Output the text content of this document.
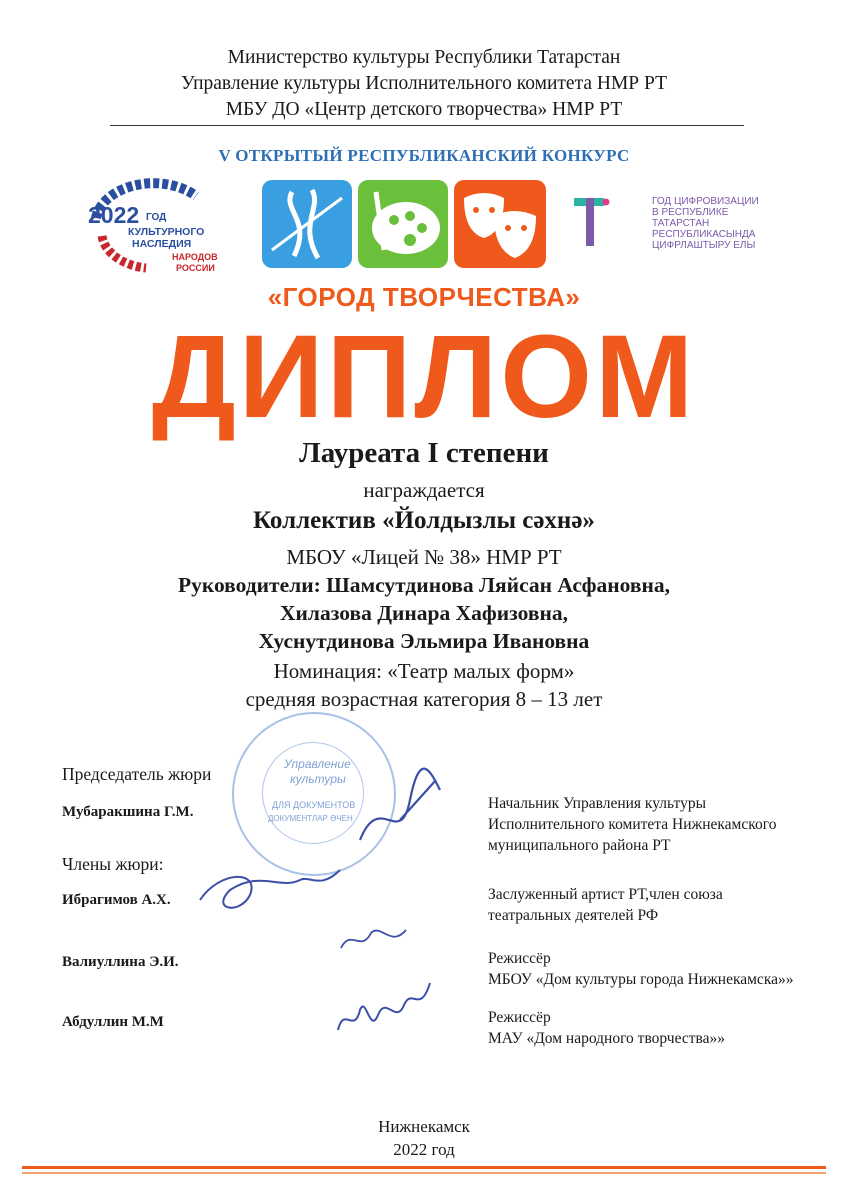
Министерство культуры Республики Татарстан
Управление культуры Исполнительного комитета НМР РТ
МБУ ДО «Центр детского творчества» НМР РТ
V ОТКРЫТЫЙ РЕСПУБЛИКАНСКИЙ КОНКУРС
2022 ГОД
КУЛЬТУРНОГО
НАСЛЕДИЯ
НАРОДОВ
РОССИИ
ГОД ЦИФРОВИЗАЦИИ
В РЕСПУБЛИКЕ
ТАТАРСТАН
РЕСПУБЛИКАСЫНДА
ЦИФРЛАШТЫРУ ЕЛЫ
«ГОРОД ТВОРЧЕСТВА»
ДИПЛОМ
Лауреата I степени
награждается
Коллектив «Йолдызлы сәхнә»
МБОУ «Лицей № 38» НМР РТ
Руководители: Шамсутдинова Ляйсан Асфановна,
Хилазова Динара Хафизовна,
Хуснутдинова Эльмира Ивановна
Номинация: «Театр малых форм»
средняя возрастная категория 8 – 13 лет
Управление
культуры
ДЛЯ ДОКУМЕНТОВ
ДОКУМЕНТЛАР ӨЧЕН
Председатель жюри
Мубаракшина Г.М.	Начальник Управления культуры
Исполнительного комитета Нижнекамского
муниципального района РТ
Члены жюри:
Ибрагимов А.Х.	Заслуженный артист РТ,член союза
театральных деятелей РФ
Валиуллина Э.И.	Режиссёр
МБОУ «Дом культуры города Нижнекамска»»
Абдуллин М.М	Режиссёр
МАУ «Дом народного творчества»»
Нижнекамск
2022 год
